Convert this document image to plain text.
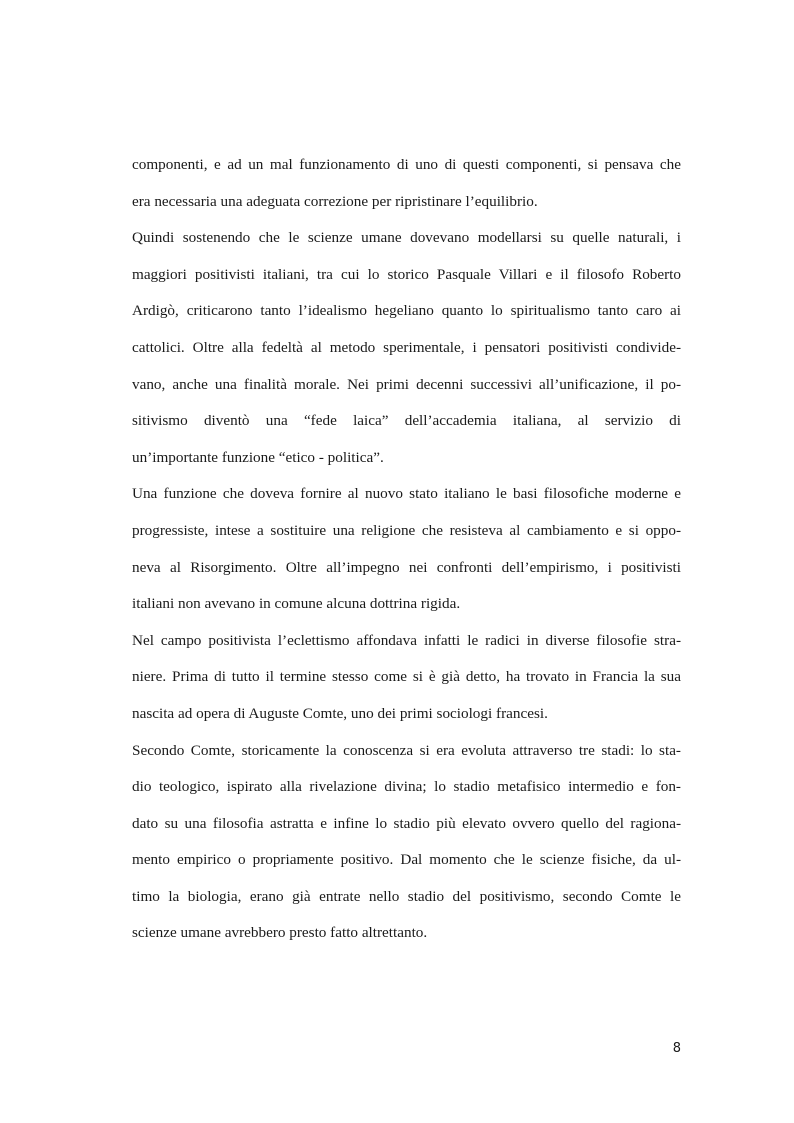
componenti, e ad un mal funzionamento di uno di questi componenti, si pensava che
era necessaria una adeguata correzione per ripristinare l’equilibrio.
Quindi sostenendo che le scienze umane dovevano modellarsi su quelle naturali, i
maggiori positivisti italiani, tra cui lo storico Pasquale Villari e il filosofo Roberto
Ardigò, criticarono tanto l’idealismo hegeliano quanto lo spiritualismo tanto caro ai
cattolici. Oltre alla fedeltà al metodo sperimentale, i pensatori positivisti condivide-
vano, anche una finalità morale. Nei primi decenni successivi all’unificazione, il po-
sitivismo diventò una “fede laica” dell’accademia italiana, al servizio di
un’importante funzione “etico - politica”.
Una funzione che doveva fornire al nuovo stato italiano le basi filosofiche moderne e
progressiste, intese a sostituire una religione che resisteva al cambiamento e si oppo-
neva al Risorgimento. Oltre all’impegno nei confronti dell’empirismo, i positivisti
italiani non avevano in comune alcuna dottrina rigida.
Nel campo positivista l’eclettismo affondava infatti le radici in diverse filosofie stra-
niere. Prima di tutto il termine stesso come si è già detto, ha trovato in Francia la sua
nascita ad opera di Auguste Comte, uno dei primi sociologi francesi.
Secondo Comte, storicamente la conoscenza si era evoluta attraverso tre stadi: lo sta-
dio teologico, ispirato alla rivelazione divina; lo stadio metafisico intermedio e fon-
dato su una filosofia astratta e infine lo stadio più elevato ovvero quello del ragiona-
mento empirico o propriamente positivo. Dal momento che le scienze fisiche, da ul-
timo la biologia, erano già entrate nello stadio del positivismo, secondo Comte le
scienze umane avrebbero presto fatto altrettanto.
8
